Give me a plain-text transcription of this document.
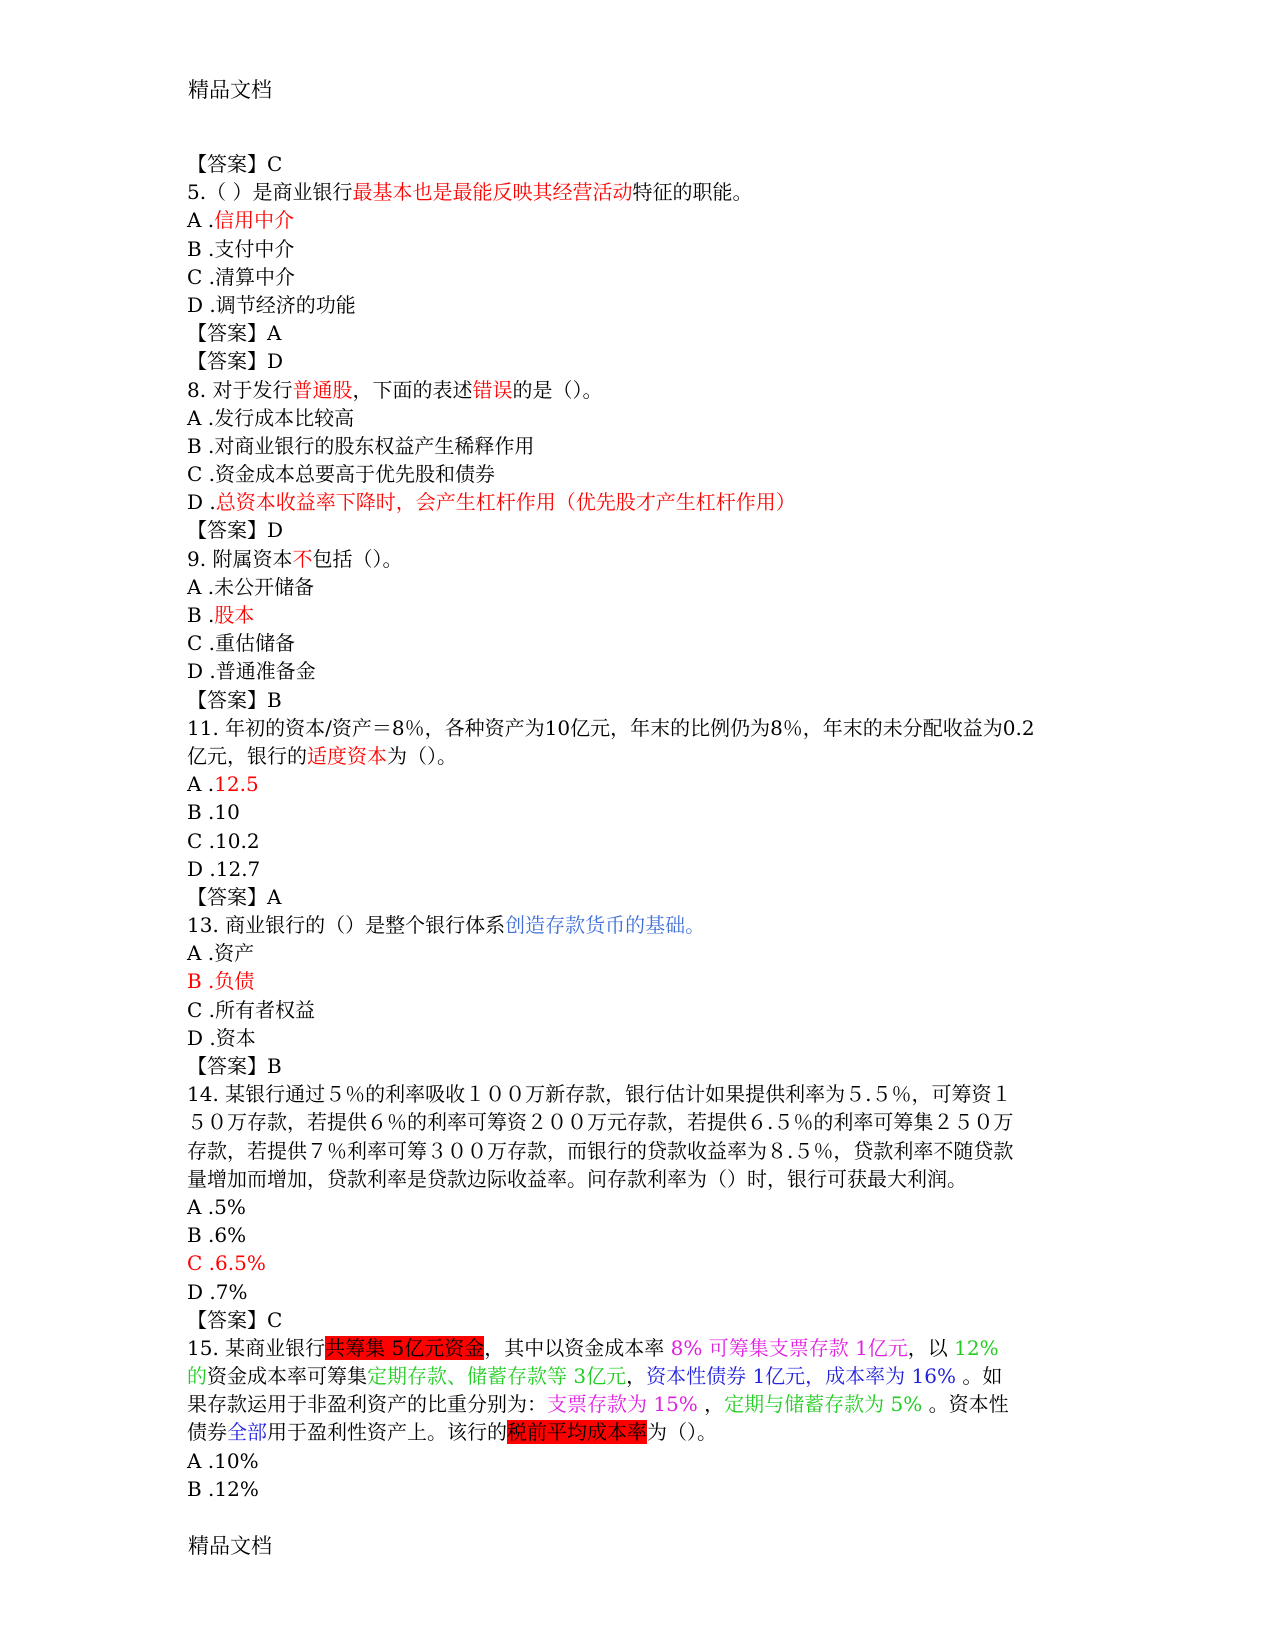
精品文档
【答案】C
5.（ ）是商业银行最基本也是最能反映其经营活动特征的职能。
A .信用中介
B .支付中介
C .清算中介
D .调节经济的功能
【答案】A
【答案】D
8. 对于发行普通股，下面的表述错误的是（）。
A .发行成本比较高
B .对商业银行的股东权益产生稀释作用
C .资金成本总要高于优先股和债券
D .总资本收益率下降时，会产生杠杆作用（优先股才产生杠杆作用）
【答案】D
9. 附属资本不包括（）。
A .未公开储备
B .股本
C .重估储备
D .普通准备金
【答案】B
11. 年初的资本/资产＝8％，各种资产为10亿元，年末的比例仍为8％，年末的未分配收益为0.2
亿元，银行的适度资本为（）。
A .12.5
B .10
C .10.2
D .12.7
【答案】A
13. 商业银行的（）是整个银行体系创造存款货币的基础。
A .资产
B .负债
C .所有者权益
D .资本
【答案】B
14. 某银行通过５％的利率吸收１００万新存款，银行估计如果提供利率为５.５％，可筹资１
５０万存款，若提供６％的利率可筹资２００万元存款，若提供６.５％的利率可筹集２５０万
存款，若提供７％利率可筹３００万存款，而银行的贷款收益率为８.５％，贷款利率不随贷款
量增加而增加，贷款利率是贷款边际收益率。问存款利率为（）时，银行可获最大利润。
A .5%
B .6%
C .6.5%
D .7%
【答案】C
15. 某商业银行共筹集 5亿元资金，其中以资金成本率 8% 可筹集支票存款 1亿元，以 12%
的资金成本率可筹集定期存款、储蓄存款等 3亿元，资本性债券 1亿元，成本率为 16% 。如
果存款运用于非盈利资产的比重分别为：支票存款为 15% ，定期与储蓄存款为 5% 。资本性
债券全部用于盈利性资产上。该行的税前平均成本率为（）。
A .10%
B .12%
精品文档
